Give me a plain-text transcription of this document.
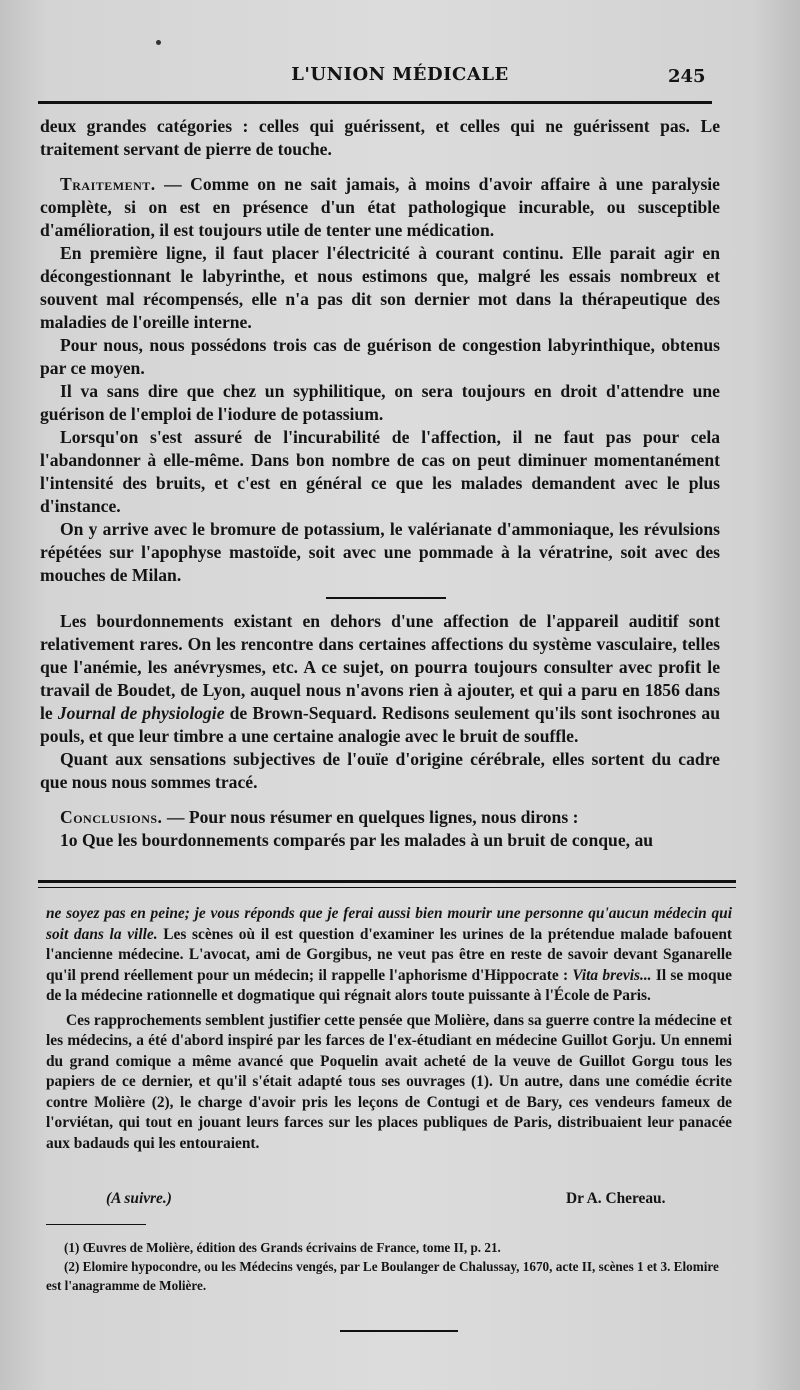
L'UNION MÉDICALE	245

deux grandes catégories : celles qui guérissent, et celles qui ne guérissent pas. Le traitement servant de pierre de touche.

Traitement. — Comme on ne sait jamais, à moins d'avoir affaire à une paralysie complète, si on est en présence d'un état pathologique incurable, ou susceptible d'amélioration, il est toujours utile de tenter une médication.

En première ligne, il faut placer l'électricité à courant continu. Elle parait agir en décongestionnant le labyrinthe, et nous estimons que, malgré les essais nombreux et souvent mal récompensés, elle n'a pas dit son dernier mot dans la thérapeutique des maladies de l'oreille interne.

Pour nous, nous possédons trois cas de guérison de congestion labyrinthique, obtenus par ce moyen.

Il va sans dire que chez un syphilitique, on sera toujours en droit d'attendre une guérison de l'emploi de l'iodure de potassium.

Lorsqu'on s'est assuré de l'incurabilité de l'affection, il ne faut pas pour cela l'abandonner à elle-même. Dans bon nombre de cas on peut diminuer momentanément l'intensité des bruits, et c'est en général ce que les malades demandent avec le plus d'instance.

On y arrive avec le bromure de potassium, le valérianate d'ammoniaque, les révulsions répétées sur l'apophyse mastoïde, soit avec une pommade à la vératrine, soit avec des mouches de Milan.

Les bourdonnements existant en dehors d'une affection de l'appareil auditif sont relativement rares. On les rencontre dans certaines affections du système vasculaire, telles que l'anémie, les anévrysmes, etc. A ce sujet, on pourra toujours consulter avec profit le travail de Boudet, de Lyon, auquel nous n'avons rien à ajouter, et qui a paru en 1856 dans le Journal de physiologie de Brown-Sequard. Redisons seulement qu'ils sont isochrones au pouls, et que leur timbre a une certaine analogie avec le bruit de souffle.

Quant aux sensations subjectives de l'ouïe d'origine cérébrale, elles sortent du cadre que nous nous sommes tracé.

Conclusions. — Pour nous résumer en quelques lignes, nous dirons :

1o Que les bourdonnements comparés par les malades à un bruit de conque, au

ne soyez pas en peine; je vous réponds que je ferai aussi bien mourir une personne qu'aucun médecin qui soit dans la ville. Les scènes où il est question d'examiner les urines de la prétendue malade bafouent l'ancienne médecine. L'avocat, ami de Gorgibus, ne veut pas être en reste de savoir devant Sganarelle qu'il prend réellement pour un médecin; il rappelle l'aphorisme d'Hippocrate : Vita brevis... Il se moque de la médecine rationnelle et dogmatique qui régnait alors toute puissante à l'École de Paris.

Ces rapprochements semblent justifier cette pensée que Molière, dans sa guerre contre la médecine et les médecins, a été d'abord inspiré par les farces de l'ex-étudiant en médecine Guillot Gorju. Un ennemi du grand comique a même avancé que Poquelin avait acheté de la veuve de Guillot Gorgu tous les papiers de ce dernier, et qu'il s'était adapté tous ses ouvrages (1). Un autre, dans une comédie écrite contre Molière (2), le charge d'avoir pris les leçons de Contugi et de Bary, ces vendeurs fameux de l'orviétan, qui tout en jouant leurs farces sur les places publiques de Paris, distribuaient leur panacée aux badauds qui les entouraient.

(A suivre.)	Dr A. Chereau.

(1) Œuvres de Molière, édition des Grands écrivains de France, tome II, p. 21.

(2) Elomire hypocondre, ou les Médecins vengés, par Le Boulanger de Chalussay, 1670, acte II, scènes 1 et 3. Elomire est l'anagramme de Molière.
